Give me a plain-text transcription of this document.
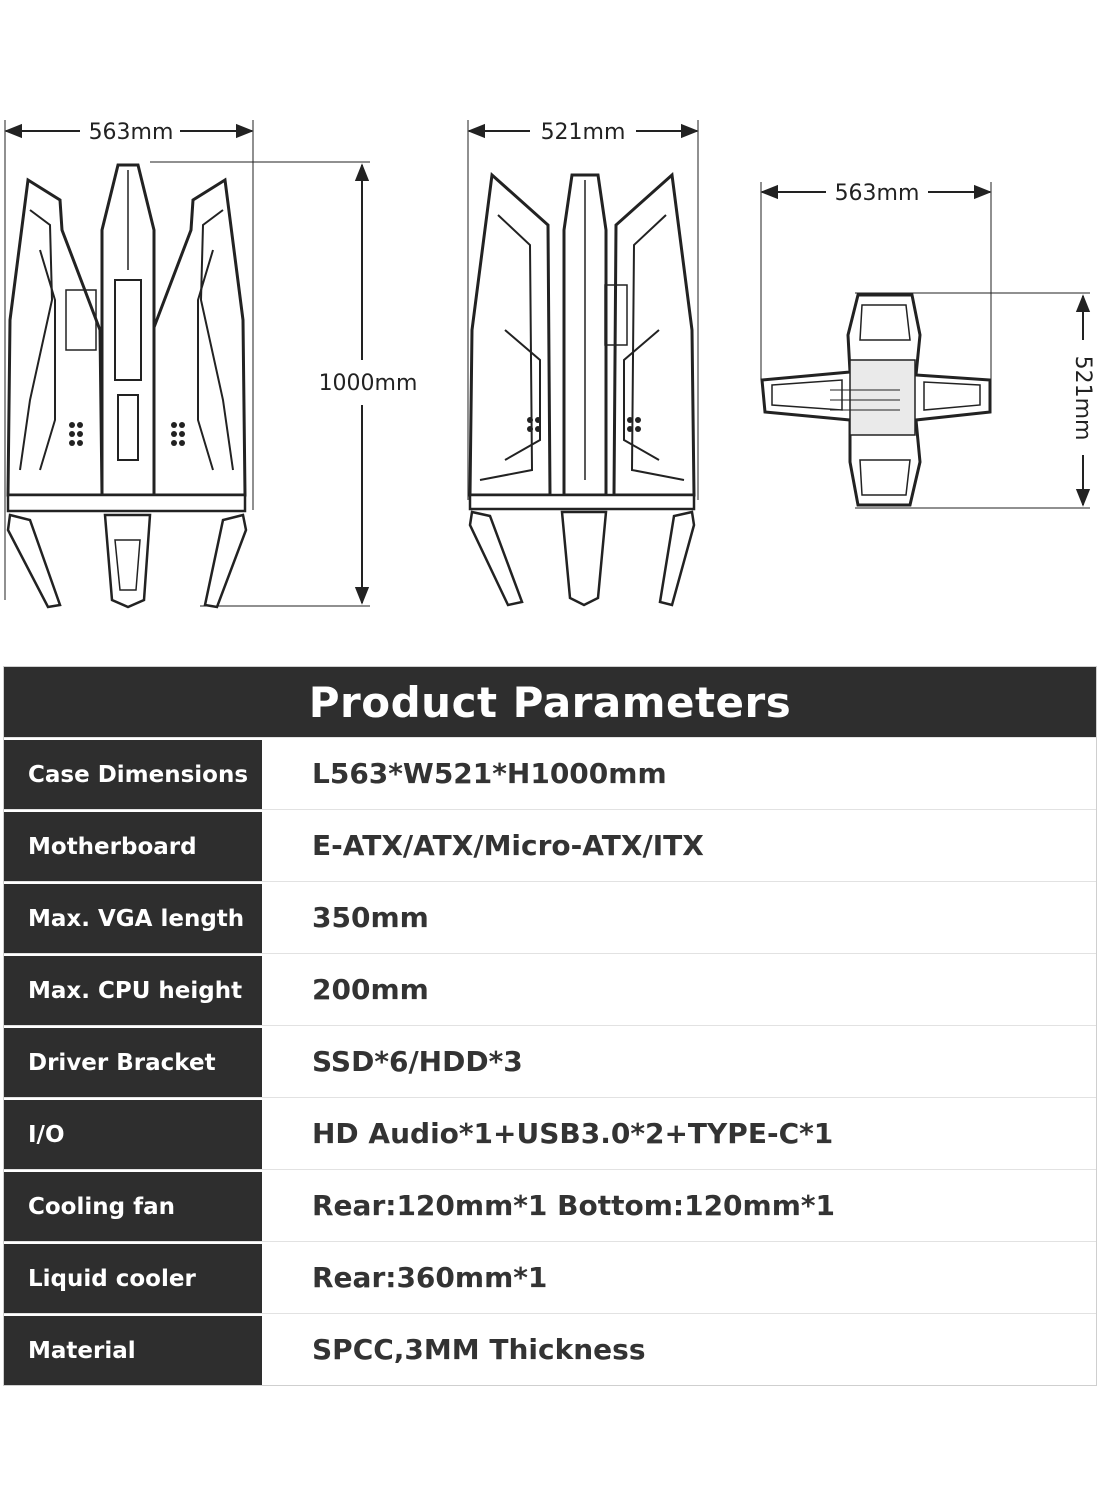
563mm
1000mm
521mm
563mm
521mm
Product Parameters
Case Dimensions	L563*W521*H1000mm
Motherboard	E-ATX/ATX/Micro-ATX/ITX
Max. VGA length	350mm
Max. CPU height	200mm
Driver Bracket	SSD*6/HDD*3
I/O	HD Audio*1+USB3.0*2+TYPE-C*1
Cooling fan	Rear:120mm*1 Bottom:120mm*1
Liquid cooler	Rear:360mm*1
Material	SPCC,3MM Thickness
